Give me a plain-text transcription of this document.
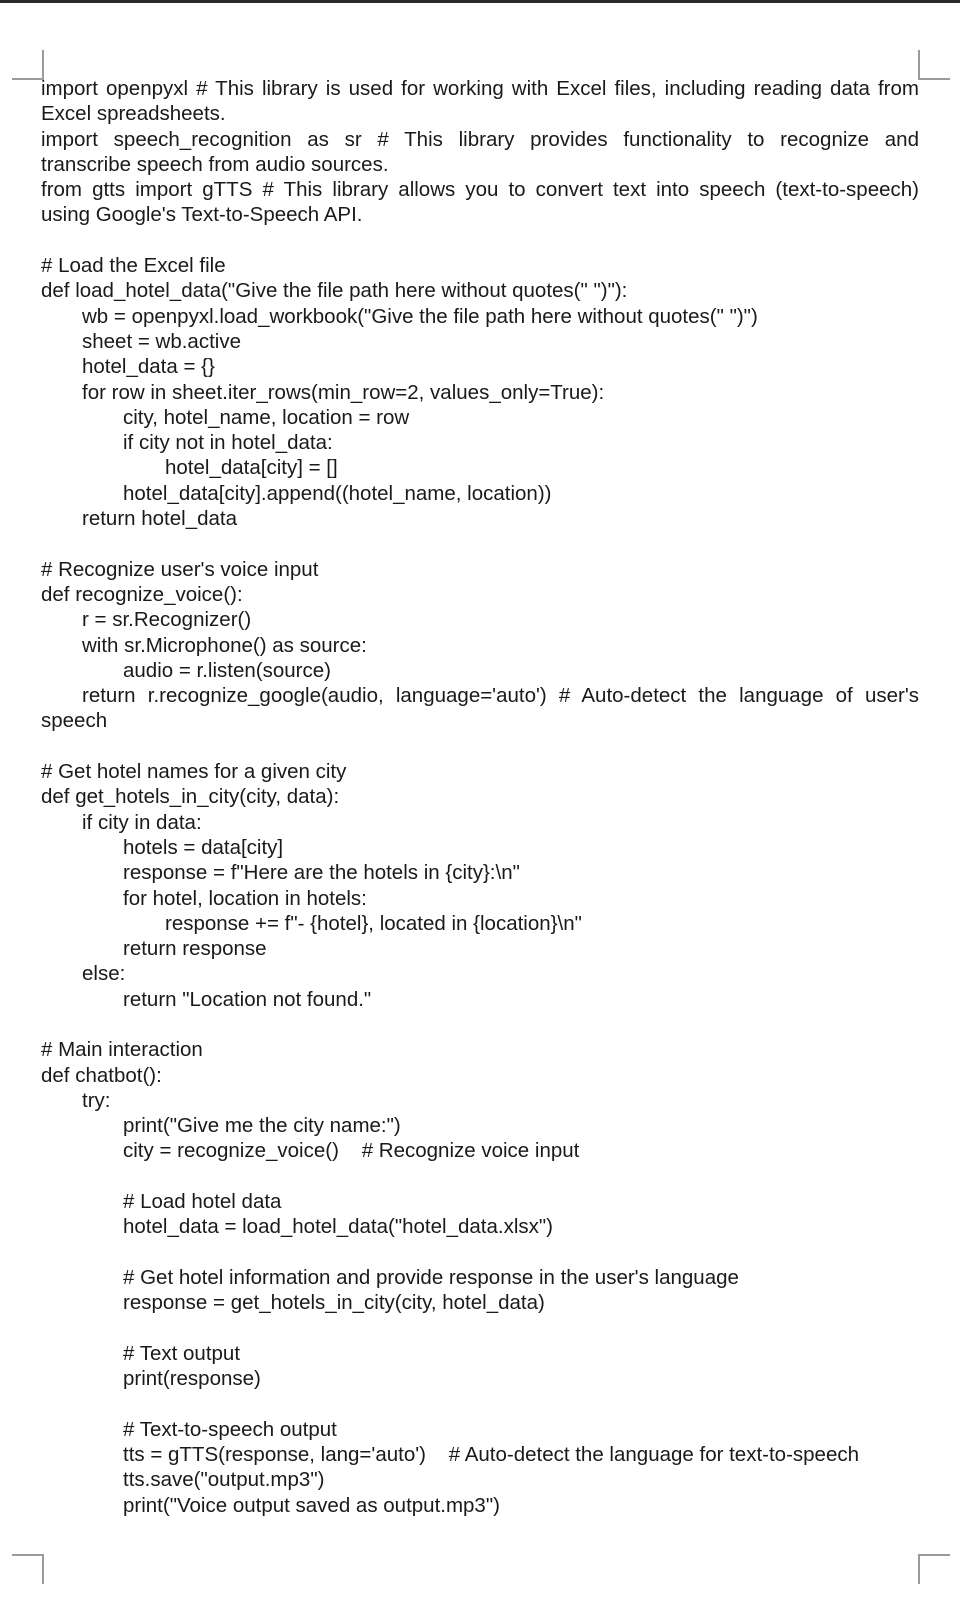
import openpyxl # This library is used for working with Excel files, including reading data from
Excel spreadsheets.
import speech_recognition as sr # This library provides functionality to recognize and
transcribe speech from audio sources.
from gtts import gTTS # This library allows you to convert text into speech (text-to-speech)
using Google's Text-to-Speech API.
# Load the Excel file
def load_hotel_data("Give the file path here without quotes(" ")"):
wb = openpyxl.load_workbook("Give the file path here without quotes(" ")")
sheet = wb.active
hotel_data = {}
for row in sheet.iter_rows(min_row=2, values_only=True):
city, hotel_name, location = row
if city not in hotel_data:
hotel_data[city] = []
hotel_data[city].append((hotel_name, location))
return hotel_data
# Recognize user's voice input
def recognize_voice():
r = sr.Recognizer()
with sr.Microphone() as source:
audio = r.listen(source)
return r.recognize_google(audio, language='auto') # Auto-detect the language of user's
speech
# Get hotel names for a given city
def get_hotels_in_city(city, data):
if city in data:
hotels = data[city]
response = f"Here are the hotels in {city}:\n"
for hotel, location in hotels:
response += f"- {hotel}, located in {location}\n"
return response
else:
return "Location not found."
# Main interaction
def chatbot():
try:
print("Give me the city name:")
city = recognize_voice()    # Recognize voice input
# Load hotel data
hotel_data = load_hotel_data("hotel_data.xlsx")
# Get hotel information and provide response in the user's language
response = get_hotels_in_city(city, hotel_data)
# Text output
print(response)
# Text-to-speech output
tts = gTTS(response, lang='auto')    # Auto-detect the language for text-to-speech
tts.save("output.mp3")
print("Voice output saved as output.mp3")
